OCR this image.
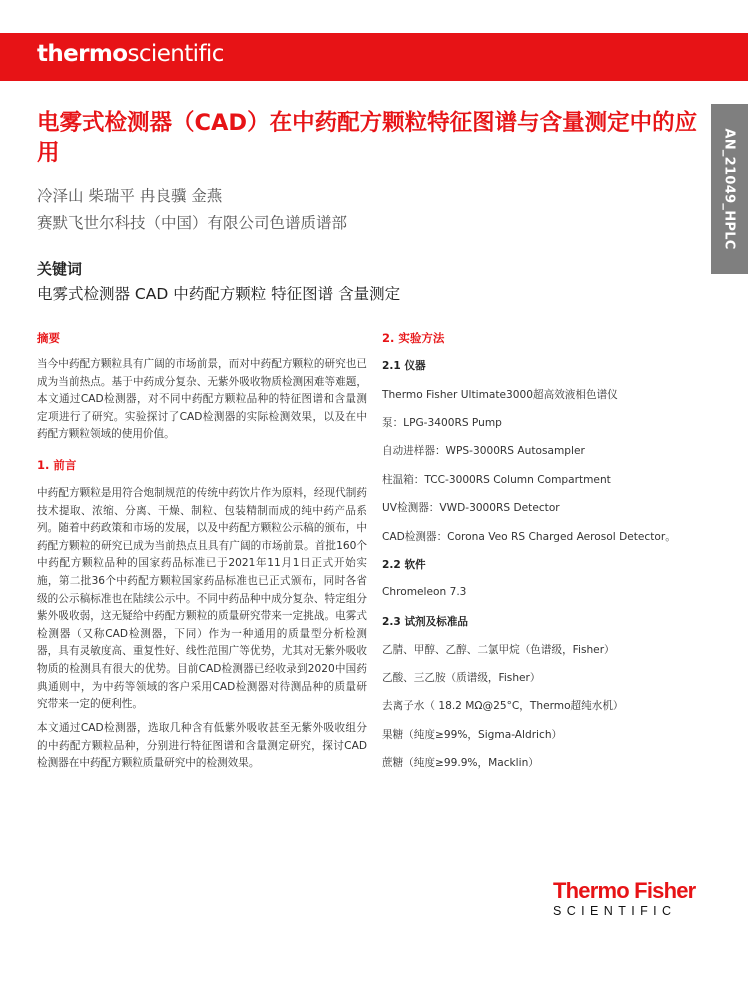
thermoscientific
AN_21049_HPLC
电雾式检测器（CAD）在中药配方颗粒特征图谱与含量测定中的应用
冷泽山 柴瑞平 冉良骥 金燕
赛默飞世尔科技（中国）有限公司色谱质谱部
关键词
电雾式检测器 CAD 中药配方颗粒 特征图谱 含量测定
摘要

当今中药配方颗粒具有广阔的市场前景，而对中药配方颗粒的研究也已成为当前热点。基于中药成分复杂、无紫外吸收物质检测困难等难题，本文通过CAD检测器，对不同中药配方颗粒品种的特征图谱和含量测定项进行了研究。实验探讨了CAD检测器的实际检测效果，以及在中药配方颗粒领域的使用价值。

1. 前言

中药配方颗粒是用符合炮制规范的传统中药饮片作为原料，经现代制药技术提取、浓缩、分离、干燥、制粒、包装精制而成的纯中药产品系列。随着中药政策和市场的发展，以及中药配方颗粒公示稿的颁布，中药配方颗粒的研究已成为当前热点且具有广阔的市场前景。首批160个中药配方颗粒品种的国家药品标准已于2021年11月1日正式开始实施，第二批36个中药配方颗粒国家药品标准也已正式颁布，同时各省级的公示稿标准也在陆续公示中。不同中药品种中成分复杂、特定组分紫外吸收弱，这无疑给中药配方颗粒的质量研究带来一定挑战。电雾式检测器（又称CAD检测器，下同）作为一种通用的质量型分析检测器，具有灵敏度高、重复性好、线性范围广等优势，尤其对无紫外吸收物质的检测具有很大的优势。目前CAD检测器已经收录到2020中国药典通则中，为中药等领域的客户采用CAD检测器对待测品种的质量研究带来一定的便利性。

本文通过CAD检测器，选取几种含有低紫外吸收甚至无紫外吸收组分的中药配方颗粒品种，分别进行特征图谱和含量测定研究，探讨CAD检测器在中药配方颗粒质量研究中的检测效果。

2. 实验方法
2.1 仪器
Thermo Fisher Ultimate3000超高效液相色谱仪
泵：LPG-3400RS Pump
自动进样器：WPS-3000RS Autosampler
柱温箱：TCC-3000RS Column Compartment
UV检测器：VWD-3000RS Detector
CAD检测器：Corona Veo RS Charged Aerosol Detector。
2.2 软件
Chromeleon 7.3
2.3 试剂及标准品
乙腈、甲醇、乙醇、二氯甲烷（色谱级，Fisher）
乙酸、三乙胺（质谱级，Fisher）
去离子水（ 18.2 MΩ@25°C，Thermo超纯水机）
果糖（纯度≥99%，Sigma-Aldrich）
蔗糖（纯度≥99.9%，Macklin）
Thermo Fisher
SCIENTIFIC
